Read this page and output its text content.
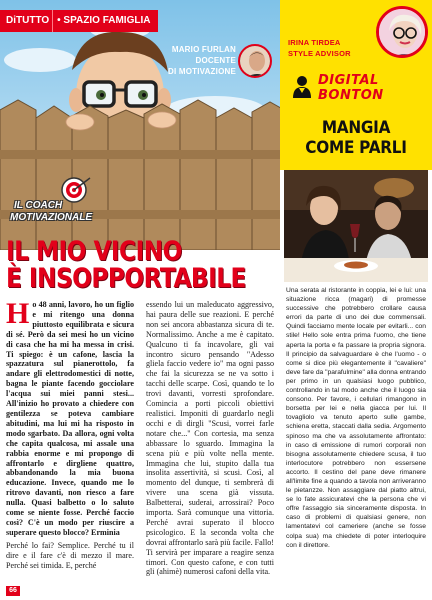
DiTUTTO • SPAZIO FAMIGLIA
MARIO FURLAN
DOCENTE
DI MOTIVAZIONE
IL COACH
MOTIVAZIONALE
IL MIO VICINO
È INSOPPORTABILE

Ho 48 anni, lavoro, ho un figlio e mi ritengo una donna piuttosto equilibrata e sicura di sé. Però da sei mesi ho un vicino di casa che ha mi ha messa in crisi. Ti spiego: è un cafone, lascia la spazzatura sul pianerottolo, fa andare gli elettrodomestici di notte, bagna le piante facendo gocciolare l'acqua sui miei panni stesi... All'inizio ho provato a chiedere con gentilezza se poteva cambiare abitudini, ma lui mi ha risposto in modo sgarbato. Da allora, ogni volta che capita qualcosa, mi assale una rabbia enorme e mi propongo di affrontarlo e dirgliene quattro, abbandonando la mia buona educazione. Invece, quando me lo ritrovo davanti, non riesco a fare nulla. Quasi balbetto o lo saluto come se niente fosse. Perché faccio così? C'è un modo per riuscire a superare questo blocco? Erminia

Perché lo fai? Semplice. Perché tu il dire e il fare c'è di mezzo il mare. Perché sei timida. E, perché

essendo lui un maleducato aggressivo, hai paura delle sue reazioni. E perché non sei ancora abbastanza sicura di te. Normalissimo. Anche a me è capitato. Qualcuno ti fa incavolare, gli vai incontro sicuro pensando "Adesso gliela faccio vedere io" ma ogni passo che fai la sicurezza se ne va sotto i tacchi delle scarpe. Così, quando te lo trovi davanti, vorresti sprofondare. Comincia a porti piccoli obiettivi realistici. Imponiti di guardarlo negli occhi e di dirgli "Scusi, vorrei farle notare che..." Con cortesia, ma senza abbassare lo sguardo. Immagina la scena più e più volte nella mente. Immagina che lui, stupito dalla tua insolita assertività, si scusi. Così, al momento del dunque, ti sembrerà di vivere una scena già vissuta. Balbetterai, suderai, arrossirai? Poco importa. Sarà comunque una vittoria. Perché avrai superato il blocco psicologico. E la seconda volta che dovrai affrontarlo sarà più facile. Fallo! Ti servirà per imparare a reagire senza timori. Con questo cafone, e con tutti gli (ahimè) numerosi cafoni della vita.

66
IRINA TIRDEA
STYLE ADVISOR
DIGITAL
BONTON
MANGIA
COME PARLI

Una serata al ristorante in coppia, lei e lui: una situazione ricca (magari) di promesse successive che potrebbero crollare causa errori da parte di uno dei due commensali. Quindi facciamo mente locale per evitarli... con stile! Hello sole entra prima l'uomo, che tiene aperta la porta e fa passare la propria signora. Il principio da salvaguardare è che l'uomo - o come si dice più elegantemente il "cavaliere" deve fare da "parafulmine" alla donna entrando per primo in un qualsiasi luogo pubblico, controllando in tal modo anche che il luogo sia consono. Per favore, i cellulari rimangono in borsetta per lei e nella giacca per lui. Il tovagliolo va tenuto aperto sulle gambe, schiena eretta, staccati dalla sedia. Argomento spinoso ma che va assolutamente affrontato: in caso di emissione di rumori corporali non bisogna assolutamente chiedere scusa, il tuo interlocutore potrebbero non essersene accorto. Il cestino del pane deve rimanere all'limite fine a quando a tavola non arriveranno le pietanzze. Non assaggiare dal piatto altrui, se lo fate assicuratevi che la persona che vi offre l'assaggio sia sinceramente disposta. In caso di problemi di qualsiasi genere, non lamentatevi col cameriere (anche se fosse colpa sua) ma chiedete di poter interloquire con il direttore.
